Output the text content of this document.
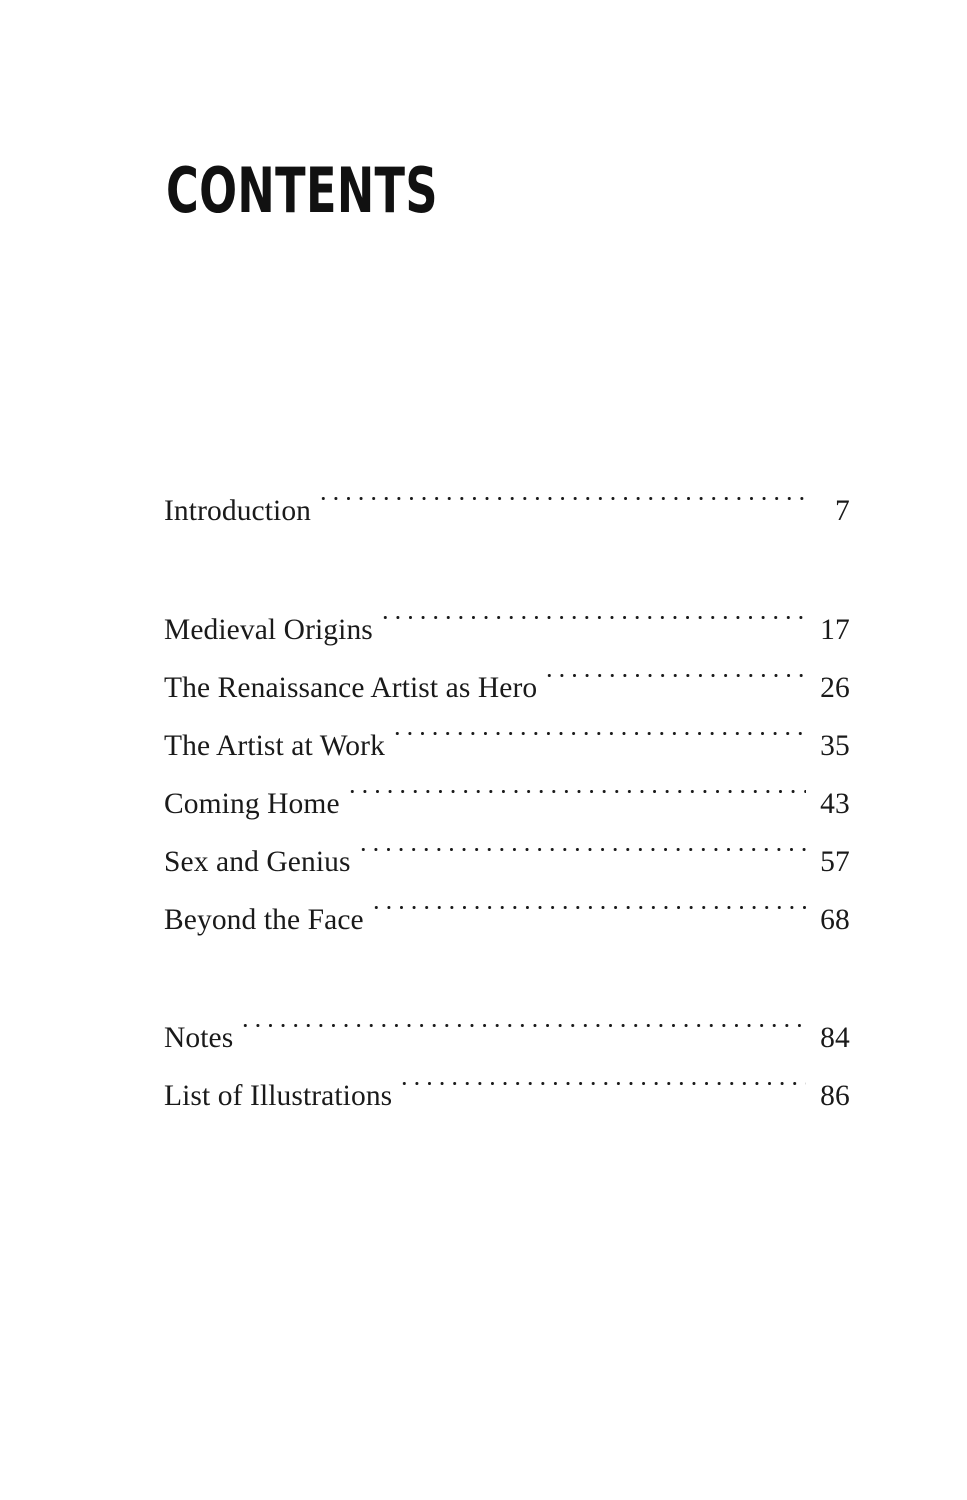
CONTENTS
Introduction	7
Medieval Origins	17
The Renaissance Artist as Hero	26
The Artist at Work	35
Coming Home	43
Sex and Genius	57
Beyond the Face	68
Notes	84
List of Illustrations	86
